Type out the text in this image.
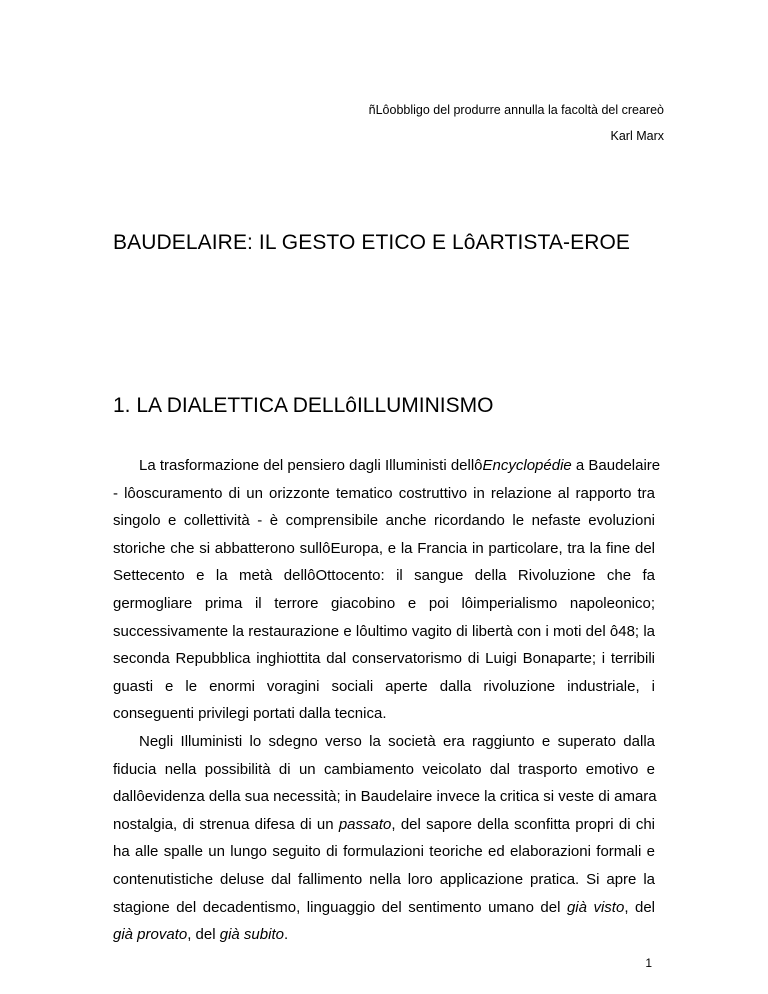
ñLôobbligo del produrre annulla la facoltà del creareò
Karl Marx
BAUDELAIRE: IL GESTO ETICO E LôARTISTA-EROE
1. LA DIALETTICA DELLôILLUMINISMO
La trasformazione del pensiero dagli Illuministi dellôEncyclopédie a Baudelaire
- lôoscuramento di un orizzonte tematico costruttivo in relazione al rapporto tra
singolo e collettività - è comprensibile anche ricordando le nefaste evoluzioni
storiche che si abbatterono sullôEuropa, e la Francia in particolare, tra la fine del
Settecento e la metà dellôOttocento: il sangue della Rivoluzione che fa
germogliare prima il terrore giacobino e poi lôimperialismo napoleonico;
successivamente la restaurazione e lôultimo vagito di libertà con i moti del ô48; la
seconda Repubblica inghiottita dal conservatorismo di Luigi Bonaparte; i terribili
guasti e le enormi voragini sociali aperte dalla rivoluzione industriale, i
conseguenti privilegi portati dalla tecnica.
Negli Illuministi lo sdegno verso la società era raggiunto e superato dalla
fiducia nella possibilità di un cambiamento veicolato dal trasporto emotivo e
dallôevidenza della sua necessità; in Baudelaire invece la critica si veste di amara
nostalgia, di strenua difesa di un passato, del sapore della sconfitta propri di chi
ha alle spalle un lungo seguito di formulazioni teoriche ed elaborazioni formali e
contenutistiche deluse dal fallimento nella loro applicazione pratica. Si apre la
stagione del decadentismo, linguaggio del sentimento umano del già visto, del
già provato, del già subito.
1
